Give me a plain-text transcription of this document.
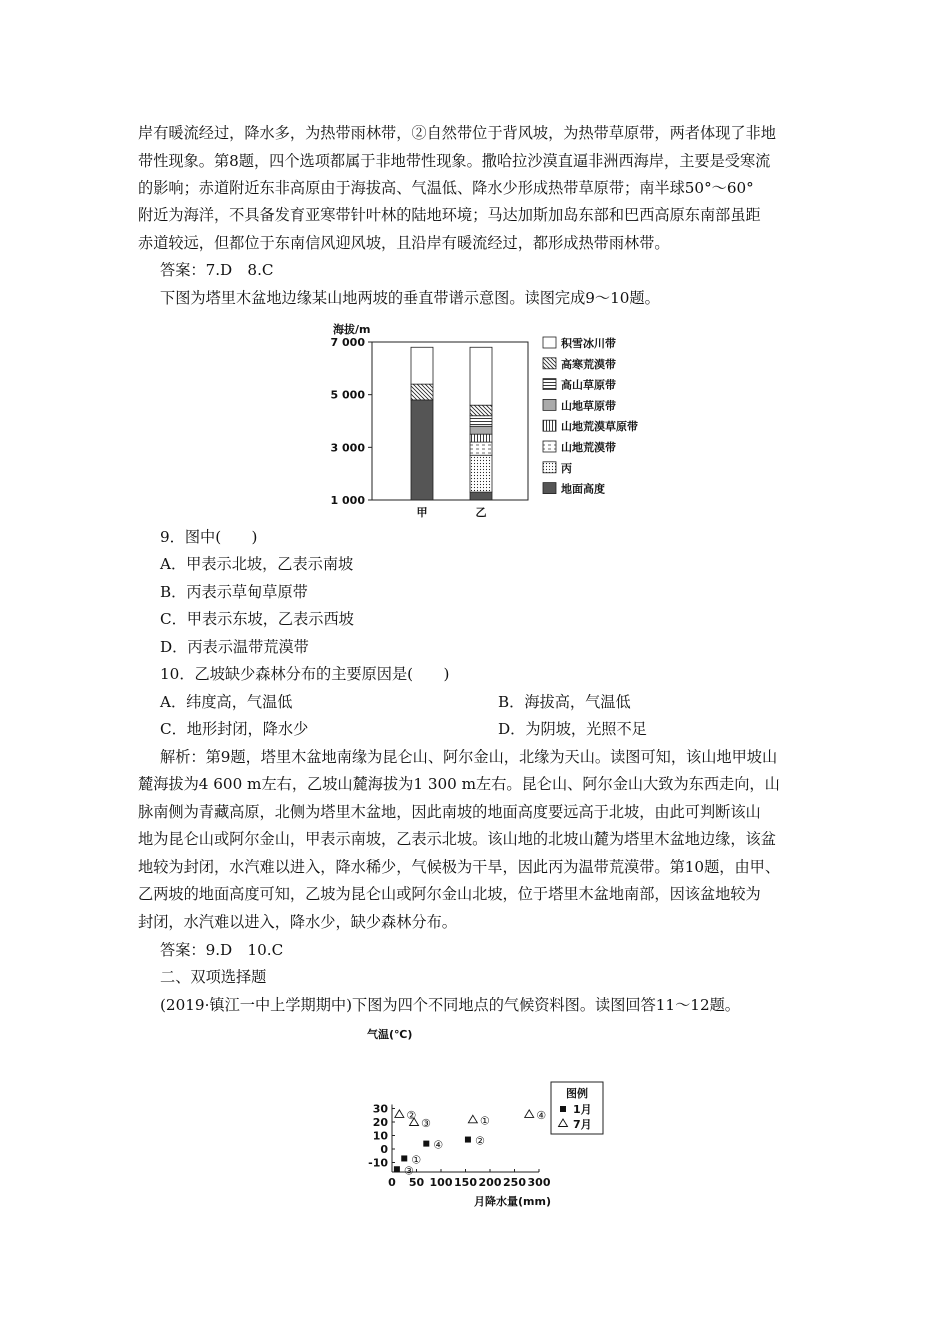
岸有暖流经过，降水多，为热带雨林带，②自然带位于背风坡，为热带草原带，两者体现了非地
带性现象。第8题，四个选项都属于非地带性现象。撒哈拉沙漠直逼非洲西海岸，主要是受寒流
的影响；赤道附近东非高原由于海拔高、气温低、降水少形成热带草原带；南半球50°～60°
附近为海洋，不具备发育亚寒带针叶林的陆地环境；马达加斯加岛东部和巴西高原东南部虽距
赤道较远，但都位于东南信风迎风坡，且沿岸有暖流经过，都形成热带雨林带。
答案：7.D　8.C
下图为塔里木盆地边缘某山地两坡的垂直带谱示意图。读图完成9～10题。
海拔/m
7 000
5 000
3 000
1 000
甲	乙
积雪冰川带
高寒荒漠带
高山草原带
山地草原带
山地荒漠草原带
山地荒漠带
丙
地面高度
9．图中(　　)
A．甲表示北坡，乙表示南坡
B．丙表示草甸草原带
C．甲表示东坡，乙表示西坡
D．丙表示温带荒漠带
10．乙坡缺少森林分布的主要原因是(　　)
A．纬度高，气温低	B．海拔高，气温低
C．地形封闭，降水少	D．为阴坡，光照不足
解析：第9题，塔里木盆地南缘为昆仑山、阿尔金山，北缘为天山。读图可知，该山地甲坡山
麓海拔为4 600 m左右，乙坡山麓海拔为1 300 m左右。昆仑山、阿尔金山大致为东西走向，山
脉南侧为青藏高原，北侧为塔里木盆地，因此南坡的地面高度要远高于北坡，由此可判断该山
地为昆仑山或阿尔金山，甲表示南坡，乙表示北坡。该山地的北坡山麓为塔里木盆地边缘，该盆
地较为封闭，水汽难以进入，降水稀少，气候极为干旱，因此丙为温带荒漠带。第10题，由甲、
乙两坡的地面高度可知，乙坡为昆仑山或阿尔金山北坡，位于塔里木盆地南部，因该盆地较为
封闭，水汽难以进入，降水少，缺少森林分布。
答案：9.D　10.C
二、双项选择题
(2019·镇江一中上学期期中)下图为四个不同地点的气候资料图。读图回答11～12题。
气温(℃)
30
20
10
0
-10
0 50 100 150 200 250 300
月降水量(mm)
①
②
③
④
①
②
③
④
图例
1月
7月
